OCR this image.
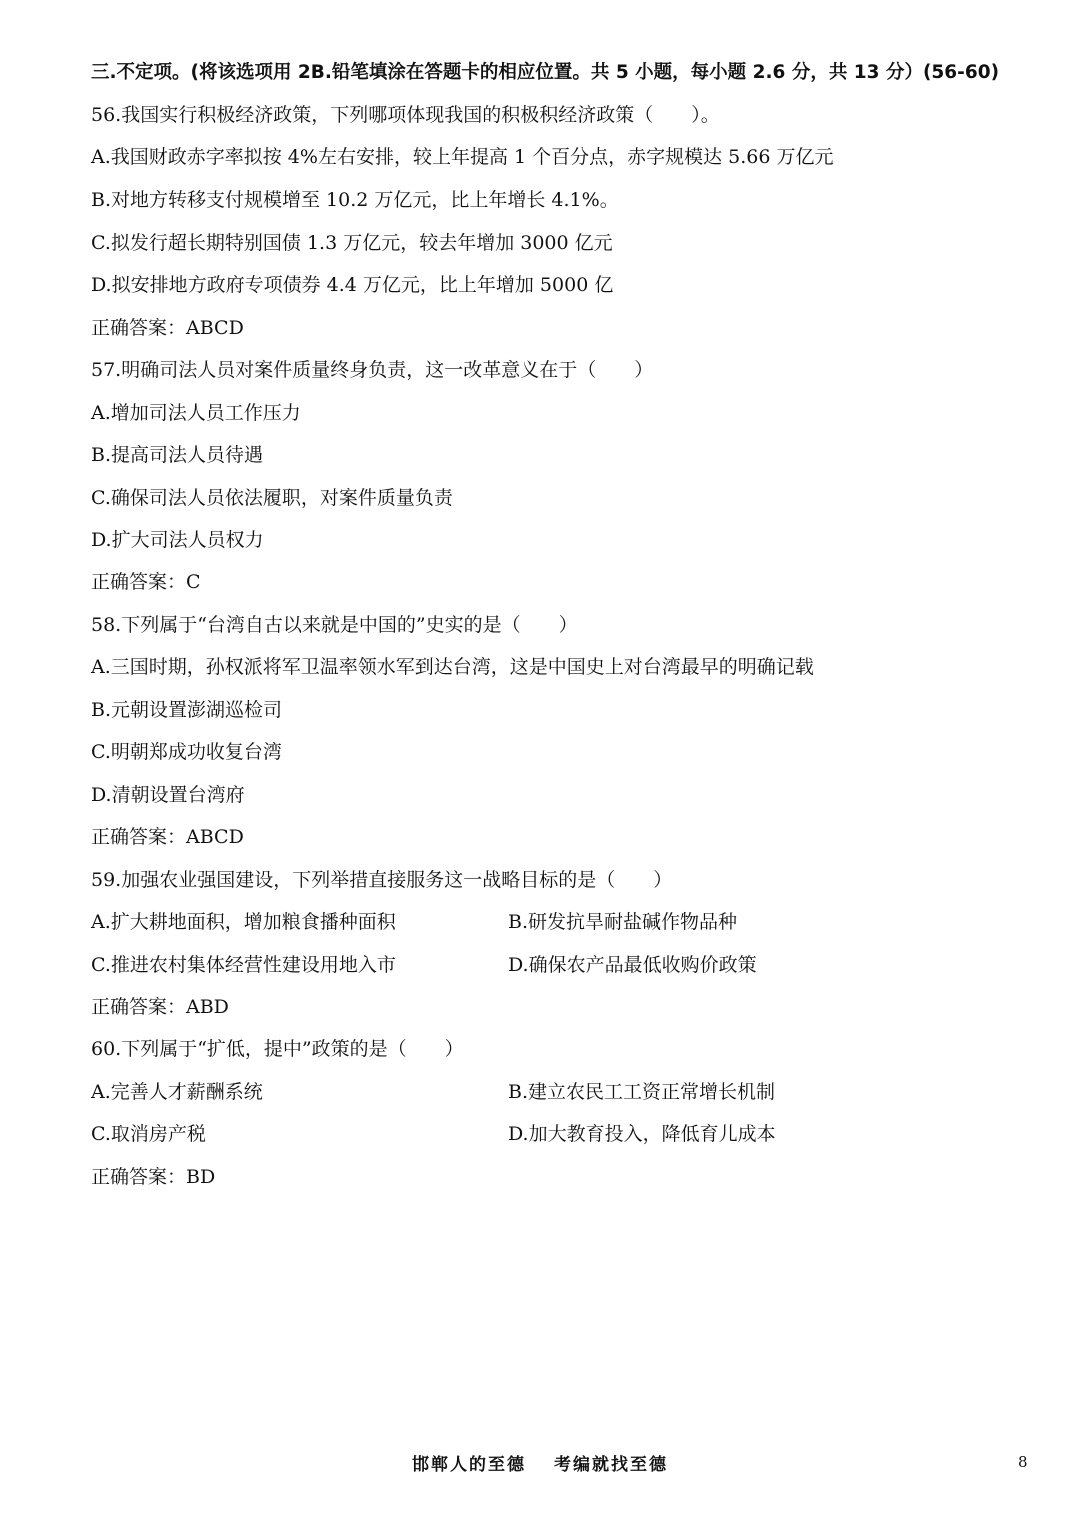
三.不定项。(将该选项用 2B.铅笔填涂在答题卡的相应位置。共 5 小题，每小题 2.6 分，共 13 分）(56-60)
56.我国实行积极经济政策，下列哪项体现我国的积极积经济政策（　　）。
A.我国财政赤字率拟按 4%左右安排，较上年提高 1 个百分点，赤字规模达 5.66 万亿元
B.对地方转移支付规模增至 10.2 万亿元，比上年增长 4.1%。
C.拟发行超长期特别国债 1.3 万亿元，较去年增加 3000 亿元
D.拟安排地方政府专项债券 4.4 万亿元，比上年增加 5000 亿
正确答案：ABCD
57.明确司法人员对案件质量终身负责，这一改革意义在于（　　）
A.增加司法人员工作压力
B.提高司法人员待遇
C.确保司法人员依法履职，对案件质量负责
D.扩大司法人员权力
正确答案：C
58.下列属于“台湾自古以来就是中国的”史实的是（　　）
A.三国时期，孙权派将军卫温率领水军到达台湾，这是中国史上对台湾最早的明确记载
B.元朝设置澎湖巡检司
C.明朝郑成功收复台湾
D.清朝设置台湾府
正确答案：ABCD
59.加强农业强国建设，下列举措直接服务这一战略目标的是（　　）
A.扩大耕地面积，增加粮食播种面积	B.研发抗旱耐盐碱作物品种
C.推进农村集体经营性建设用地入市	D.确保农产品最低收购价政策
正确答案：ABD
60.下列属于“扩低，提中”政策的是（　　）
A.完善人才薪酬系统	B.建立农民工工资正常增长机制
C.取消房产税	D.加大教育投入，降低育儿成本
正确答案：BD
邯郸人的至德 考编就找至德	8
